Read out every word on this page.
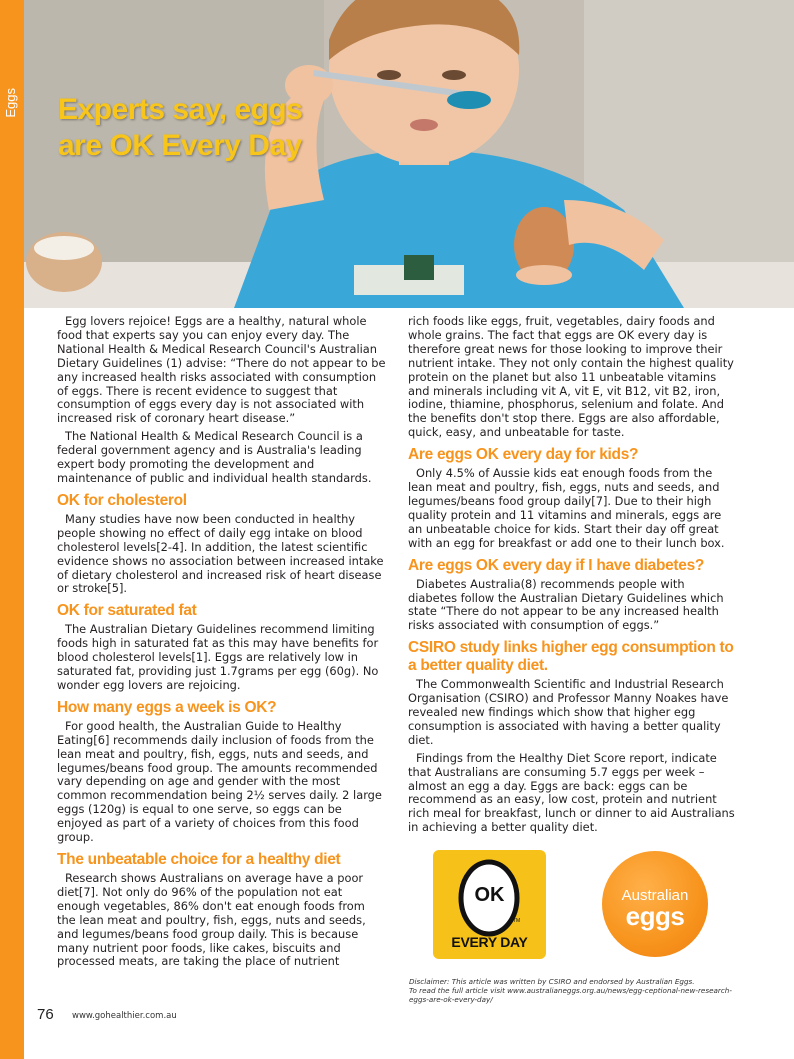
Eggs Experts say, eggs
are OK Every Day

Egg lovers rejoice! Eggs are a healthy, natural whole food that experts say you can enjoy every day. The National Health & Medical Research Council's Australian Dietary Guidelines (1) advise: “There do not appear to be any increased health risks associated with consumption of eggs. There is recent evidence to suggest that consumption of eggs every day is not associated with increased risk of coronary heart disease.”

The National Health & Medical Research Council is a federal government agency and is Australia's leading expert body promoting the development and maintenance of public and individual health standards.

OK for cholesterol

Many studies have now been conducted in healthy people showing no effect of daily egg intake on blood cholesterol levels[2-4]. In addition, the latest scientific evidence shows no association between increased intake of dietary cholesterol and increased risk of heart disease or stroke[5].

OK for saturated fat

The Australian Dietary Guidelines recommend limiting foods high in saturated fat as this may have benefits for blood cholesterol levels[1]. Eggs are relatively low in saturated fat, providing just 1.7grams per egg (60g). No wonder egg lovers are rejoicing.

How many eggs a week is OK?

For good health, the Australian Guide to Healthy Eating[6] recommends daily inclusion of foods from the lean meat and poultry, fish, eggs, nuts and seeds, and legumes/beans food group. The amounts recommended vary depending on age and gender with the most common recommendation being 2½ serves daily. 2 large eggs (120g) is equal to one serve, so eggs can be enjoyed as part of a variety of choices from this food group.

The unbeatable choice for a healthy diet

Research shows Australians on average have a poor diet[7]. Not only do 96% of the population not eat enough vegetables, 86% don't eat enough foods from the lean meat and poultry, fish, eggs, nuts and seeds, and legumes/beans food group daily. This is because many nutrient poor foods, like cakes, biscuits and processed meats, are taking the place of nutrient

rich foods like eggs, fruit, vegetables, dairy foods and whole grains. The fact that eggs are OK every day is therefore great news for those looking to improve their nutrient intake. They not only contain the highest quality protein on the planet but also 11 unbeatable vitamins and minerals including vit A, vit E, vit B12, vit B2, iron, iodine, thiamine, phosphorus, selenium and folate. And the benefits don't stop there. Eggs are also affordable, quick, easy, and unbeatable for taste.

Are eggs OK every day for kids?

Only 4.5% of Aussie kids eat enough foods from the lean meat and poultry, fish, eggs, nuts and seeds, and legumes/beans food group daily[7]. Due to their high quality protein and 11 vitamins and minerals, eggs are an unbeatable choice for kids. Start their day off great with an egg for breakfast or add one to their lunch box.

Are eggs OK every day if I have diabetes?

Diabetes Australia(8) recommends people with diabetes follow the Australian Dietary Guidelines which state “There do not appear to be any increased health risks associated with consumption of eggs.”

CSIRO study links higher egg consumption to a better quality diet.

The Commonwealth Scientific and Industrial Research Organisation (CSIRO) and Professor Manny Noakes have revealed new findings which show that higher egg consumption is associated with having a better quality diet.

Findings from the Healthy Diet Score report, indicate that Australians are consuming 5.7 eggs per week – almost an egg a day. Eggs are back: eggs can be recommend as an easy, low cost, protein and nutrient rich meal for breakfast, lunch or dinner to aid Australians in achieving a better quality diet.

TM
OK
EVERY DAY
Australian
eggs
Disclaimer: This article was written by CSIRO and endorsed by Australian Eggs.
To read the full article visit www.australianeggs.org.au/news/egg-ceptional-new-research-eggs-are-ok-every-day/
76 www.gohealthier.com.au
